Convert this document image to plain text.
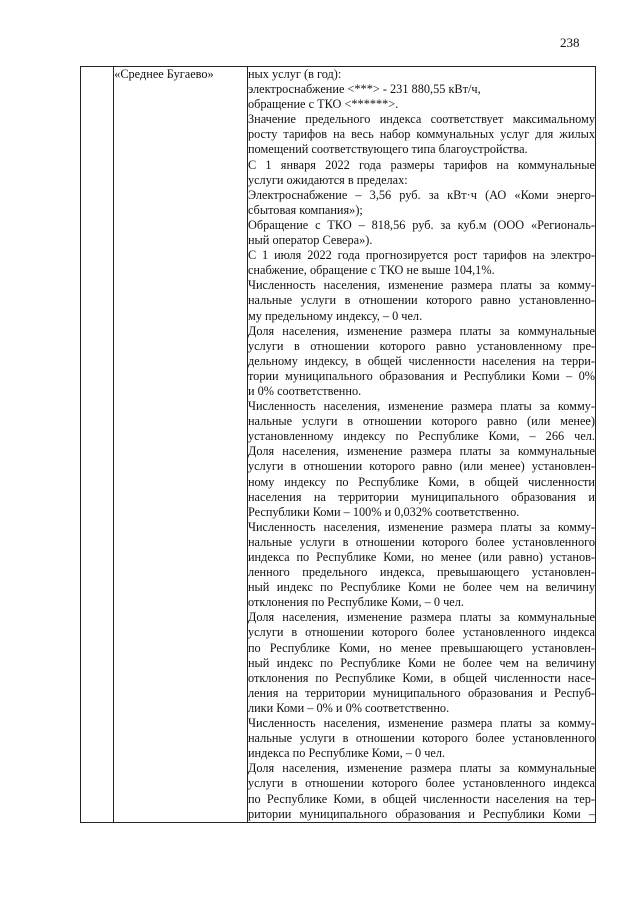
238
	«Среднее Бугаево»	ных услуг (в год):
электроснабжение <***> - 231 880,55 кВт/ч,
обращение с ТКО <******>.
Значение предельного индекса соответствует максимальному
росту тарифов на весь набор коммунальных услуг для жилых
помещений соответствующего типа благоустройства.
С 1 января 2022 года размеры тарифов на коммунальные
услуги ожидаются в пределах:
Электроснабжение – 3,56 руб. за кВт·ч (АО «Коми энерго-
сбытовая компания»);
Обращение с ТКО – 818,56 руб. за куб.м (ООО «Региональ-
ный оператор Севера»).
С 1 июля 2022 года прогнозируется рост тарифов на электро-
снабжение, обращение с ТКО не выше 104,1%.
Численность населения, изменение размера платы за комму-
нальные услуги в отношении которого равно установленно-
му предельному индексу, – 0 чел.
Доля населения, изменение размера платы за коммунальные
услуги в отношении которого равно установленному пре-
дельному индексу, в общей численности населения на терри-
тории муниципального образования и Республики Коми – 0%
и 0% соответственно.
Численность населения, изменение размера платы за комму-
нальные услуги в отношении которого равно (или менее)
установленному индексу по Республике Коми, – 266 чел.
Доля населения, изменение размера платы за коммунальные
услуги в отношении которого равно (или менее) установлен-
ному индексу по Республике Коми, в общей численности
населения на территории муниципального образования и
Республики Коми – 100% и 0,032% соответственно.
Численность населения, изменение размера платы за комму-
нальные услуги в отношении которого более установленного
индекса по Республике Коми, но менее (или равно) установ-
ленного предельного индекса, превышающего установлен-
ный индекс по Республике Коми не более чем на величину
отклонения по Республике Коми, – 0 чел.
Доля населения, изменение размера платы за коммунальные
услуги в отношении которого более установленного индекса
по Республике Коми, но менее превышающего установлен-
ный индекс по Республике Коми не более чем на величину
отклонения по Республике Коми, в общей численности насе-
ления на территории муниципального образования и Респуб-
лики Коми – 0% и 0% соответственно.
Численность населения, изменение размера платы за комму-
нальные услуги в отношении которого более установленного
индекса по Республике Коми, – 0 чел.
Доля населения, изменение размера платы за коммунальные
услуги в отношении которого более установленного индекса
по Республике Коми, в общей численности населения на тер-
ритории муниципального образования и Республики Коми –
